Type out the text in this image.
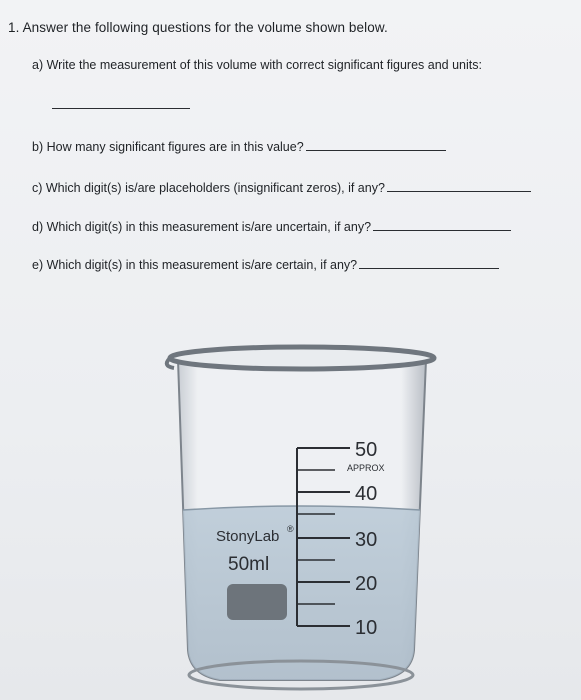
1. Answer the following questions for the volume shown below.
a) Write the measurement of this volume with correct significant figures and units:
b) How many significant figures are in this value?
c) Which digit(s) is/are placeholders (insignificant zeros), if any?
d) Which digit(s) in this measurement is/are uncertain, if any?
e) Which digit(s) in this measurement is/are certain, if any?
50
APPROX
40
30
20
10
StonyLab ®
50ml
